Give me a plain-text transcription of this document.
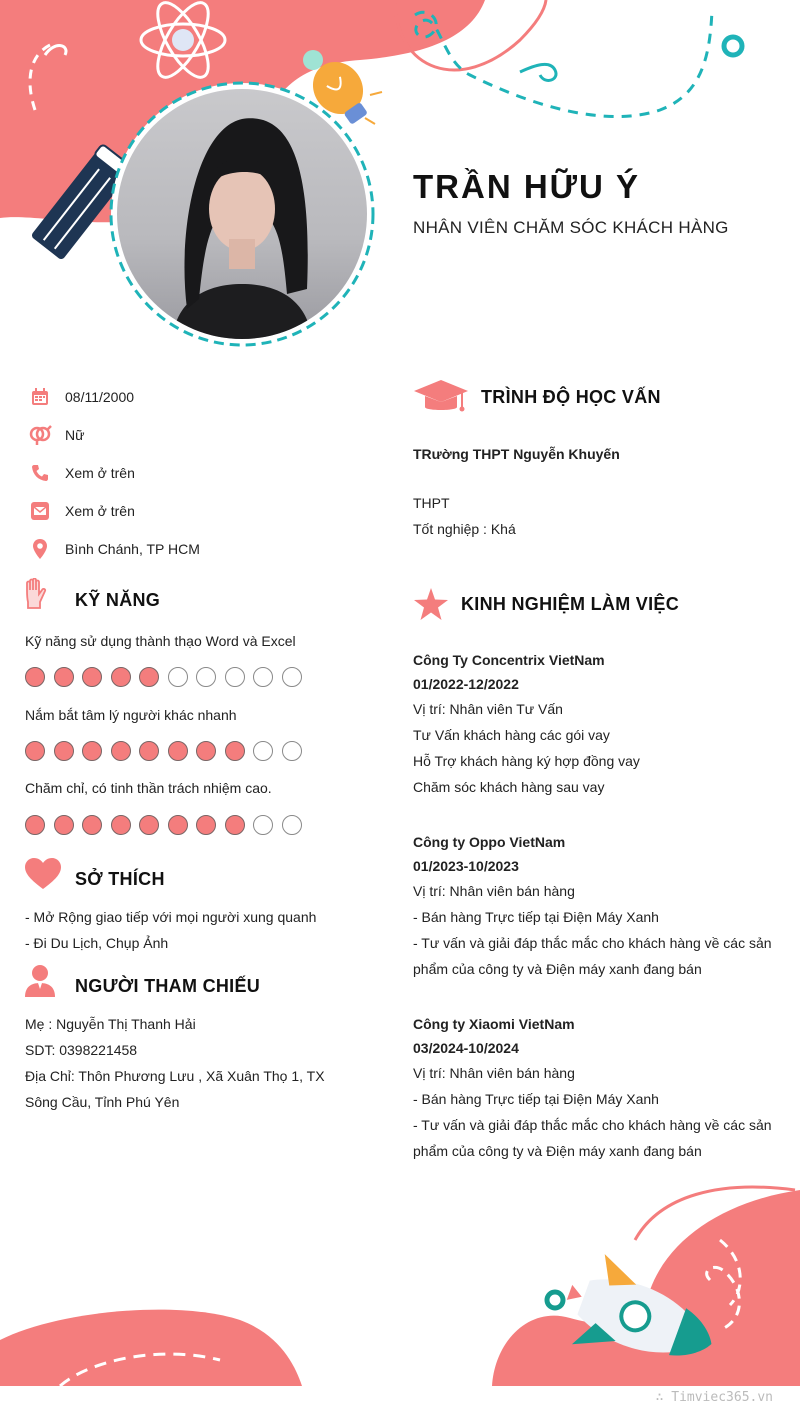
TRẦN HỮU Ý
NHÂN VIÊN CHĂM SÓC KHÁCH HÀNG
08/11/2000
Nữ
Xem ở trên
Xem ở trên
Bình Chánh, TP HCM
KỸ NĂNG
Kỹ năng sử dụng thành thạo Word và Excel
Nắm bắt tâm lý người khác nhanh
Chăm chỉ, có tinh thần trách nhiệm cao.
SỞ THÍCH
- Mở Rộng giao tiếp với mọi người xung quanh
- Đi Du Lịch, Chụp Ảnh
NGƯỜI THAM CHIẾU
Mẹ : Nguyễn Thị Thanh Hải
SDT: 0398221458
Địa Chỉ: Thôn Phương Lưu , Xã Xuân Thọ 1, TX
Sông Cầu, Tỉnh Phú Yên
TRÌNH ĐỘ HỌC VẤN
TRường THPT Nguyễn Khuyến
THPT
Tốt nghiệp : Khá
KINH NGHIỆM LÀM VIỆC
Công Ty Concentrix VietNam
01/2022-12/2022
Vị trí: Nhân viên Tư Vấn
Tư Vấn khách hàng các gói vay
Hỗ Trợ khách hàng ký hợp đồng vay
Chăm sóc khách hàng sau vay
Công ty Oppo VietNam
01/2023-10/2023
Vị trí: Nhân viên bán hàng
- Bán hàng Trực tiếp tại Điện Máy Xanh
- Tư vấn và giải đáp thắc mắc cho khách hàng về các sản
phẩm của công ty và Điện máy xanh đang bán
Công ty Xiaomi VietNam
03/2024-10/2024
Vị trí: Nhân viên bán hàng
- Bán hàng Trực tiếp tại Điện Máy Xanh
- Tư vấn và giải đáp thắc mắc cho khách hàng về các sản
phẩm của công ty và Điện máy xanh đang bán
∴ Timviec365.vn
